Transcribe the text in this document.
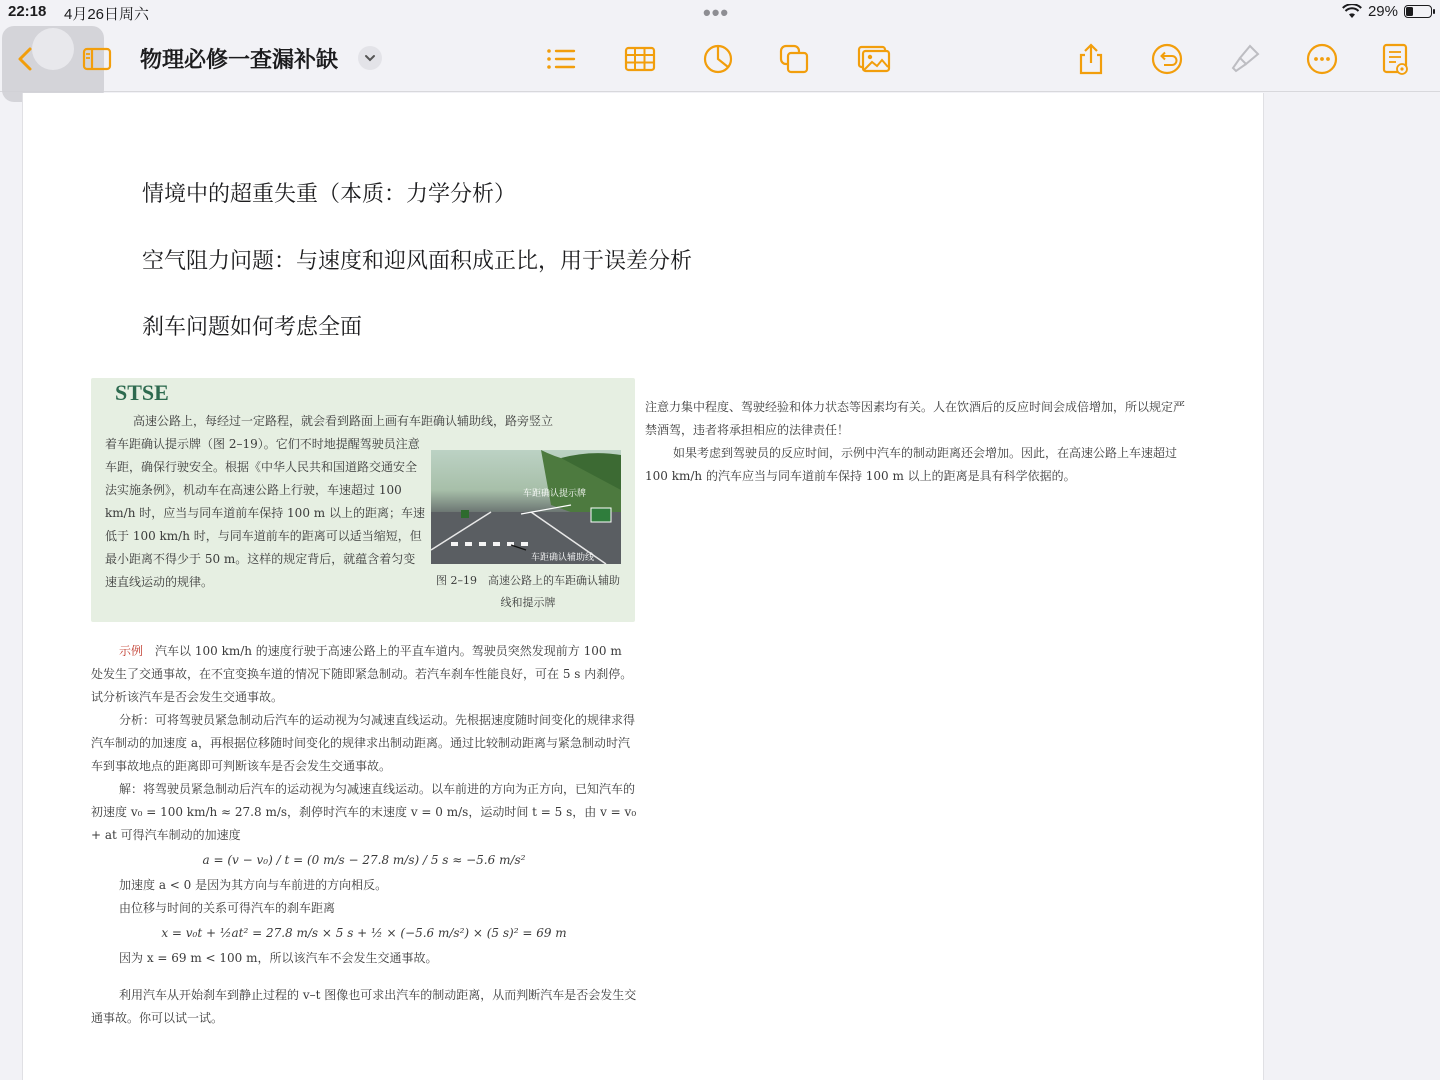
22:18 4月26日周六	•••	29%
物理必修一查漏补缺
情境中的超重失重（本质：力学分析）
空气阻力问题：与速度和迎风面积成正比，用于误差分析
刹车问题如何考虑全面
STSE
高速公路上，每经过一定路程，就会看到路面上画有车距确认辅助线，路旁竖立
着车距确认提示牌（图 2–19）。它们不时地提醒驾驶员注意车距，确保行驶安全。根据《中华人民共和国道路交通安全法实施条例》，机动车在高速公路上行驶，车速超过 100 km/h 时，应当与同车道前车保持 100 m 以上的距离；车速低于 100 km/h 时，与同车道前车的距离可以适当缩短，但最小距离不得少于 50 m。这样的规定背后，就蕴含着匀变速直线运动的规律。
车距确认提示牌
车距确认辅助线
图 2–19　高速公路上的车距确认辅助线和提示牌

示例　 汽车以 100 km/h 的速度行驶于高速公路上的平直车道内。驾驶员突然发现前方 100 m 处发生了交通事故，在不宜变换车道的情况下随即紧急制动。若汽车刹车性能良好，可在 5 s 内刹停。试分析该汽车是否会发生交通事故。

分析：可将驾驶员紧急制动后汽车的运动视为匀减速直线运动。先根据速度随时间变化的规律求得汽车制动的加速度 a，再根据位移随时间变化的规律求出制动距离。通过比较制动距离与紧急制动时汽车到事故地点的距离即可判断该车是否会发生交通事故。

解：将驾驶员紧急制动后汽车的运动视为匀减速直线运动。以车前进的方向为正方向，已知汽车的初速度 v₀ = 100 km/h ≈ 27.8 m/s，刹停时汽车的末速度 v = 0 m/s，运动时间 t = 5 s，由 v = v₀ + at 可得汽车制动的加速度

a = (v − v₀) / t = (0 m/s − 27.8 m/s) / 5 s ≈ −5.6 m/s²

加速度 a < 0 是因为其方向与车前进的方向相反。

由位移与时间的关系可得汽车的刹车距离

x = v₀t + ½at² = 27.8 m/s × 5 s + ½ × (−5.6 m/s²) × (5 s)² = 69 m

因为 x = 69 m < 100 m，所以该汽车不会发生交通事故。

利用汽车从开始刹车到静止过程的 v–t 图像也可求出汽车的制动距离，从而判断汽车是否会发生交通事故。你可以试一试。

注意力集中程度、驾驶经验和体力状态等因素均有关。人在饮酒后的反应时间会成倍增加，所以规定严禁酒驾，违者将承担相应的法律责任！

如果考虑到驾驶员的反应时间，示例中汽车的制动距离还会增加。因此，在高速公路上车速超过 100 km/h 的汽车应当与同车道前车保持 100 m 以上的距离是具有科学依据的。
